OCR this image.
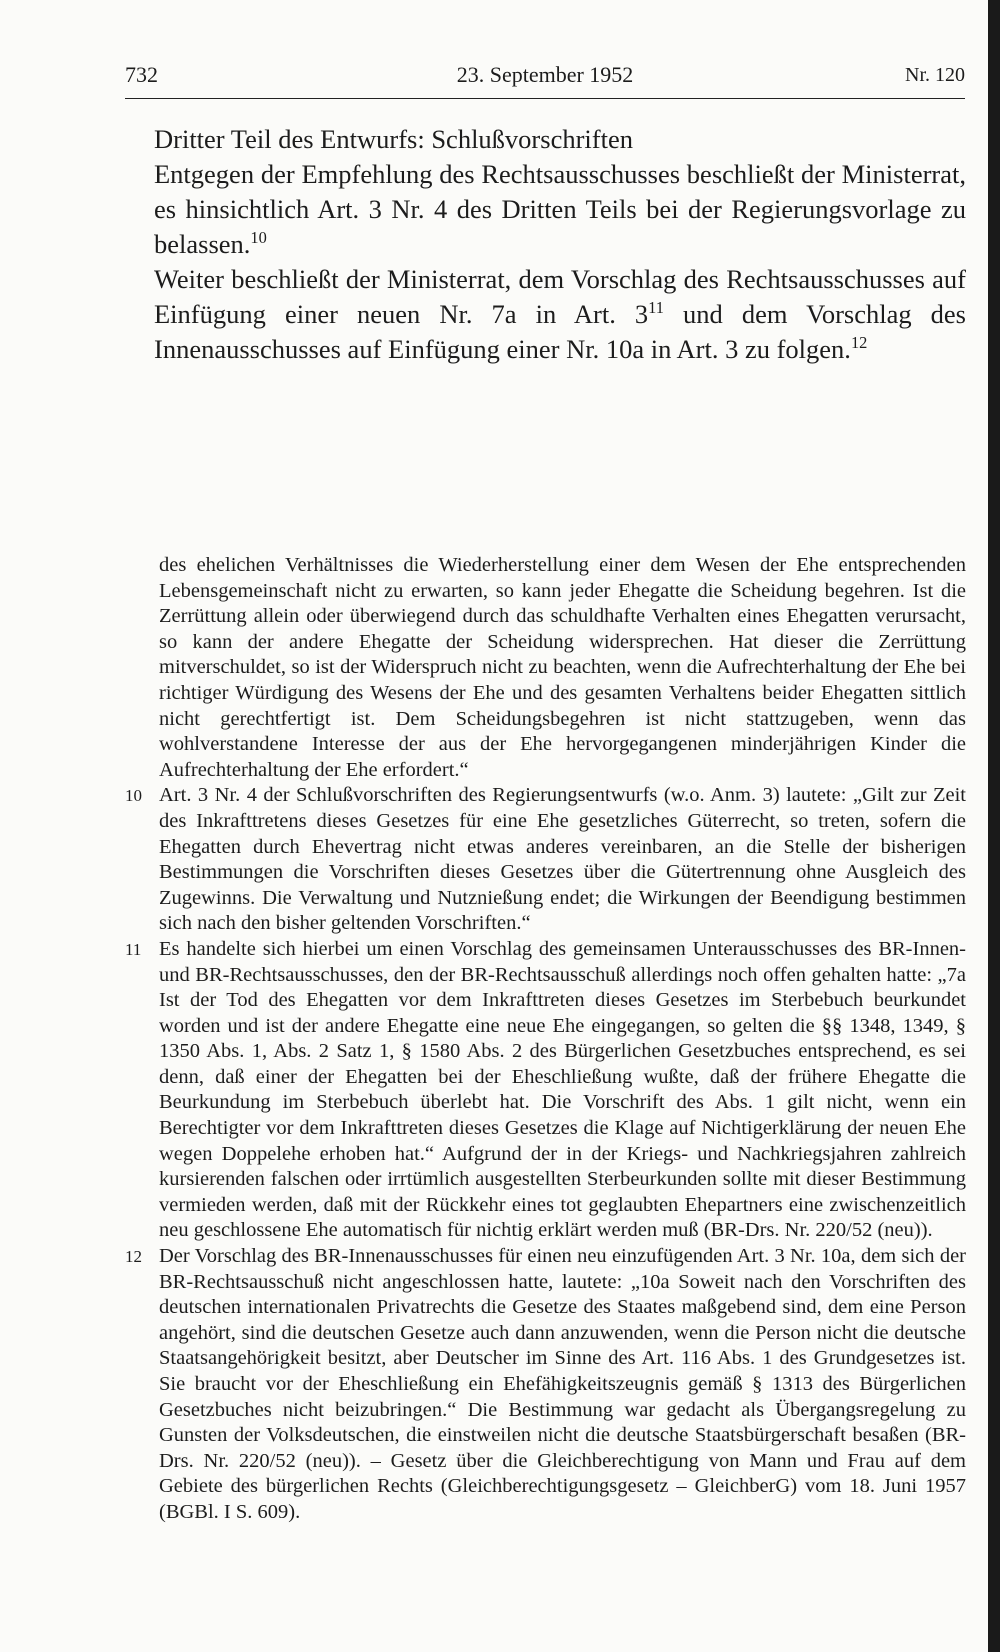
732	23. September 1952	Nr. 120

Dritter Teil des Entwurfs: Schlußvorschriften

Entgegen der Empfehlung des Rechtsausschusses beschließt der Ministerrat, es hinsichtlich Art. 3 Nr. 4 des Dritten Teils bei der Regierungsvorlage zu belassen.$^{10}$

Weiter beschließt der Ministerrat, dem Vorschlag des Rechtsausschusses auf Einfügung einer neuen Nr. 7a in Art. $3^{11}$ und dem Vorschlag des Innenausschusses auf Einfügung einer Nr. 10a in Art. 3 zu folgen.$^{12}$

des ehelichen Verhältnisses die Wiederherstellung einer dem Wesen der Ehe entsprechenden Lebensgemeinschaft nicht zu erwarten, so kann jeder Ehegatte die Scheidung begehren. Ist die Zerrüttung allein oder überwiegend durch das schuldhafte Verhalten eines Ehegatten verursacht, so kann der andere Ehegatte der Scheidung widersprechen. Hat dieser die Zerrüttung mitverschuldet, so ist der Widerspruch nicht zu beachten, wenn die Aufrechterhaltung der Ehe bei richtiger Würdigung des Wesens der Ehe und des gesamten Verhaltens beider Ehegatten sittlich nicht gerechtfertigt ist. Dem Scheidungsbegehren ist nicht stattzugeben, wenn das wohlverstandene Interesse der aus der Ehe hervorgegangenen minderjährigen Kinder die Aufrechterhaltung der Ehe erfordert.“

10 Art. 3 Nr. 4 der Schlußvorschriften des Regierungsentwurfs (w.o. Anm. 3) lautete: „Gilt zur Zeit des Inkrafttretens dieses Gesetzes für eine Ehe gesetzliches Güterrecht, so treten, sofern die Ehegatten durch Ehevertrag nicht etwas anderes vereinbaren, an die Stelle der bisherigen Bestimmungen die Vorschriften dieses Gesetzes über die Gütertrennung ohne Ausgleich des Zugewinns. Die Verwaltung und Nutznießung endet; die Wirkungen der Beendigung bestimmen sich nach den bisher geltenden Vorschriften.“

11 Es handelte sich hierbei um einen Vorschlag des gemeinsamen Unterausschusses des BR-Innen- und BR-Rechtsausschusses, den der BR-Rechtsausschuß allerdings noch offen gehalten hatte: „7a Ist der Tod des Ehegatten vor dem Inkrafttreten dieses Gesetzes im Sterbebuch beurkundet worden und ist der andere Ehegatte eine neue Ehe eingegangen, so gelten die §§ 1348, 1349, § 1350 Abs. 1, Abs. 2 Satz 1, § 1580 Abs. 2 des Bürgerlichen Gesetzbuches entsprechend, es sei denn, daß einer der Ehegatten bei der Eheschließung wußte, daß der frühere Ehegatte die Beurkundung im Sterbebuch überlebt hat. Die Vorschrift des Abs. 1 gilt nicht, wenn ein Berechtigter vor dem Inkrafttreten dieses Gesetzes die Klage auf Nichtigerklärung der neuen Ehe wegen Doppelehe erhoben hat.“ Aufgrund der in der Kriegs- und Nachkriegsjahren zahlreich kursierenden falschen oder irrtümlich ausgestellten Sterbeurkunden sollte mit dieser Bestimmung vermieden werden, daß mit der Rückkehr eines tot geglaubten Ehepartners eine zwischenzeitlich neu geschlossene Ehe automatisch für nichtig erklärt werden muß (BR-Drs. Nr. 220/52 (neu)).

12 Der Vorschlag des BR-Innenausschusses für einen neu einzufügenden Art. 3 Nr. 10a, dem sich der BR-Rechtsausschuß nicht angeschlossen hatte, lautete: „10a Soweit nach den Vorschriften des deutschen internationalen Privatrechts die Gesetze des Staates maßgebend sind, dem eine Person angehört, sind die deutschen Gesetze auch dann anzuwenden, wenn die Person nicht die deutsche Staatsangehörigkeit besitzt, aber Deutscher im Sinne des Art. 116 Abs. 1 des Grundgesetzes ist. Sie braucht vor der Eheschließung ein Ehefähigkeitszeugnis gemäß § 1313 des Bürgerlichen Gesetzbuches nicht beizubringen.“ Die Bestimmung war gedacht als Übergangsregelung zu Gunsten der Volksdeutschen, die einstweilen nicht die deutsche Staatsbürgerschaft besaßen (BR-Drs. Nr. 220/52 (neu)). – Gesetz über die Gleichberechtigung von Mann und Frau auf dem Gebiete des bürgerlichen Rechts (Gleichberechtigungsgesetz – GleichberG) vom 18. Juni 1957 (BGBl. I S. 609).
